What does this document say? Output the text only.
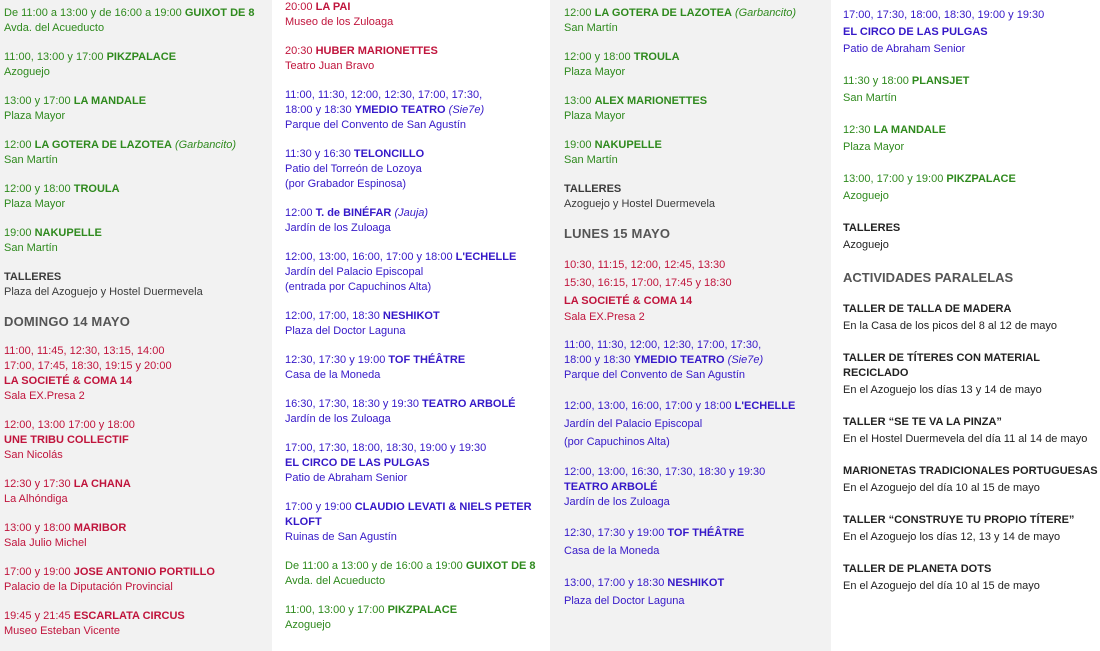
De 11:00 a 13:00 y de 16:00 a 19:00 GUIXOT DE 8
Avda. del Acueducto
11:00, 13:00 y 17:00 PIKZPALACE
Azoguejo
13:00 y 17:00 LA MANDALE
Plaza Mayor
12:00 LA GOTERA DE LAZOTEA (Garbancito)
San Martín
12:00 y 18:00 TROULA
Plaza Mayor
19:00 NAKUPELLE
San Martín
TALLERES
Plaza del Azoguejo y Hostel Duermevela
DOMINGO 14 MAYO
11:00, 11:45, 12:30, 13:15, 14:00
17:00, 17:45, 18:30, 19:15 y 20:00
LA SOCIETÉ & COMA 14
Sala EX.Presa 2
12:00, 13:00 17:00 y 18:00
UNE TRIBU COLLECTIF
San Nicolás
12:30 y 17:30 LA CHANA
La Alhóndiga
13:00 y 18:00 MARIBOR
Sala Julio Michel
17:00 y 19:00 JOSE ANTONIO PORTILLO
Palacio de la Diputación Provincial
19:45 y 21:45 ESCARLATA CIRCUS
Museo Esteban Vicente
20:00 LA PAI
Museo de los Zuloaga
20:30 HUBER MARIONETTES
Teatro Juan Bravo
11:00, 11:30, 12:00, 12:30, 17:00, 17:30,
18:00 y 18:30 YMEDIO TEATRO (Sie7e)
Parque del Convento de San Agustín
11:30 y 16:30 TELONCILLO
Patio del Torreón de Lozoya
(por Grabador Espinosa)
12:00 T. de BINÉFAR (Jauja)
Jardín de los Zuloaga
12:00, 13:00, 16:00, 17:00 y 18:00 L'ECHELLE
Jardín del Palacio Episcopal
(entrada por Capuchinos Alta)
12:00, 17:00, 18:30 NESHIKOT
Plaza del Doctor Laguna
12:30, 17:30 y 19:00 TOF THÉÂTRE
Casa de la Moneda
16:30, 17:30, 18:30 y 19:30 TEATRO ARBOLÉ
Jardín de los Zuloaga
17:00, 17:30, 18:00, 18:30, 19:00 y 19:30
EL CIRCO DE LAS PULGAS
Patio de Abraham Senior
17:00 y 19:00 CLAUDIO LEVATI & NIELS PETER
KLOFT
Ruinas de San Agustín
De 11:00 a 13:00 y de 16:00 a 19:00 GUIXOT DE 8
Avda. del Acueducto
11:00, 13:00 y 17:00 PIKZPALACE
Azoguejo
12:00 LA GOTERA DE LAZOTEA (Garbancito)
San Martín
12:00 y 18:00 TROULA
Plaza Mayor
13:00 ALEX MARIONETTES
Plaza Mayor
19:00 NAKUPELLE
San Martín
TALLERES
Azoguejo y Hostel Duermevela
LUNES 15 MAYO
10:30, 11:15, 12:00, 12:45, 13:30
15:30, 16:15, 17:00, 17:45 y 18:30
LA SOCIETÉ & COMA 14
Sala EX.Presa 2
11:00, 11:30, 12:00, 12:30, 17:00, 17:30,
18:00 y 18:30 YMEDIO TEATRO (Sie7e)
Parque del Convento de San Agustín
12:00, 13:00, 16:00, 17:00 y 18:00 L'ECHELLE
Jardín del Palacio Episcopal
(por Capuchinos Alta)
12:00, 13:00, 16:30, 17:30, 18:30 y 19:30
TEATRO ARBOLÉ
Jardín de los Zuloaga
12:30, 17:30 y 19:00 TOF THÉÂTRE
Casa de la Moneda
13:00, 17:00 y 18:30 NESHIKOT
Plaza del Doctor Laguna
17:00, 17:30, 18:00, 18:30, 19:00 y 19:30
EL CIRCO DE LAS PULGAS
Patio de Abraham Senior
11:30 y 18:00 PLANSJET
San Martín
12:30 LA MANDALE
Plaza Mayor
13:00, 17:00 y 19:00 PIKZPALACE
Azoguejo
TALLERES
Azoguejo
ACTIVIDADES PARALELAS
TALLER DE TALLA DE MADERA
En la Casa de los picos del 8 al 12 de mayo
TALLER DE TÍTERES CON MATERIAL RECICLADO
En el Azoguejo los días 13 y 14 de mayo
TALLER “SE TE VA LA PINZA”
En el Hostel Duermevela del día 11 al 14 de mayo
MARIONETAS TRADICIONALES PORTUGUESAS
En el Azoguejo del día 10 al 15 de mayo
TALLER “CONSTRUYE TU PROPIO TÍTERE”
En el Azoguejo los días 12, 13 y 14 de mayo
TALLER DE PLANETA DOTS
En el Azoguejo del día 10 al 15 de mayo
